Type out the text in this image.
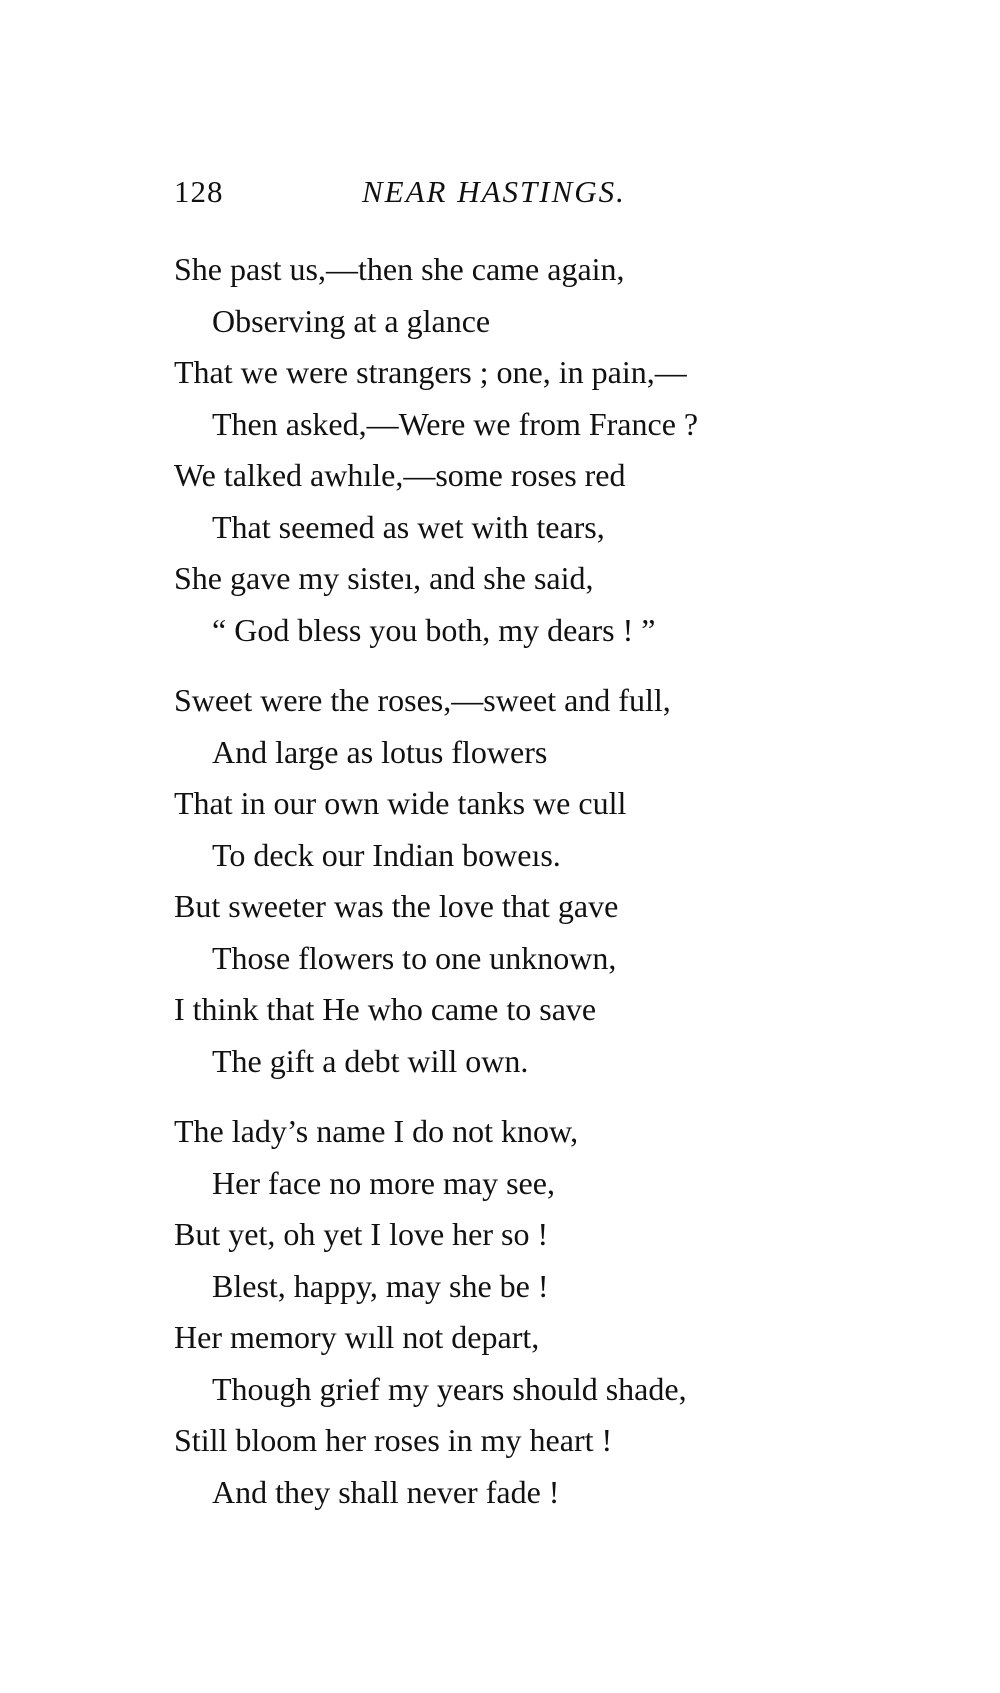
128	NEAR HASTINGS.
She past us,—then she came again,
Observing at a glance
That we were strangers ; one, in pain,—
Then asked,—Were we from France ?
We talked awhıle,—some roses red
That seemed as wet with tears,
She gave my sisteı, and she said,
“ God bless you both, my dears ! ”
Sweet were the roses,—sweet and full,
And large as lotus flowers
That in our own wide tanks we cull
To deck our Indian boweıs.
But sweeter was the love that gave
Those flowers to one unknown,
I think that He who came to save
The gift a debt will own.
The lady’s name I do not know,
Her face no more may see,
But yet, oh yet I love her so !
Blest, happy, may she be !
Her memory wıll not depart,
Though grief my years should shade,
Still bloom her roses in my heart !
And they shall never fade !
